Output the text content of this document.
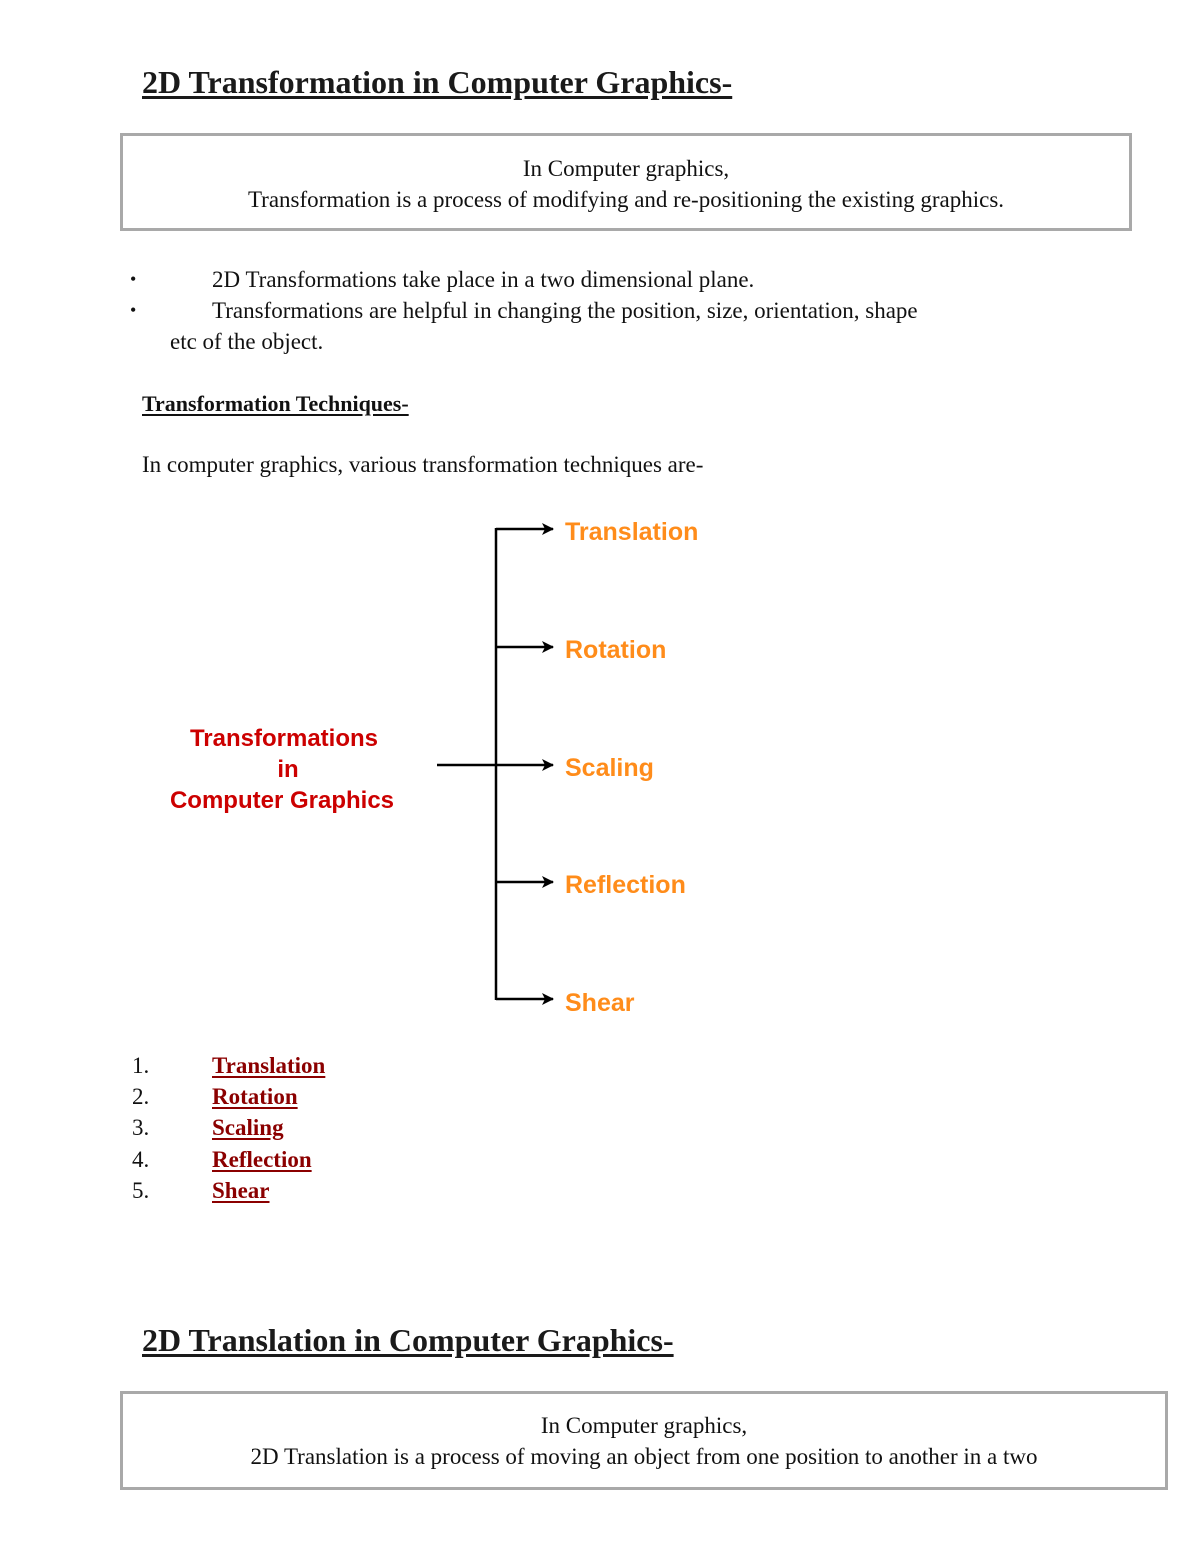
2D Transformation in Computer Graphics-
In Computer graphics,
Transformation is a process of modifying and re-positioning the existing graphics.
•	2D Transformations take place in a two dimensional plane.
•	Transformations are helpful in changing the position, size, orientation, shape
etc of the object.
Transformation Techniques-
In computer graphics, various transformation techniques are-
Transformations
in
Computer Graphics
Translation
Rotation
Scaling
Reflection
Shear
1.	Translation
2.	Rotation
3.	Scaling
4.	Reflection
5.	Shear
2D Translation in Computer Graphics-
In Computer graphics,
2D Translation is a process of moving an object from one position to another in a two
